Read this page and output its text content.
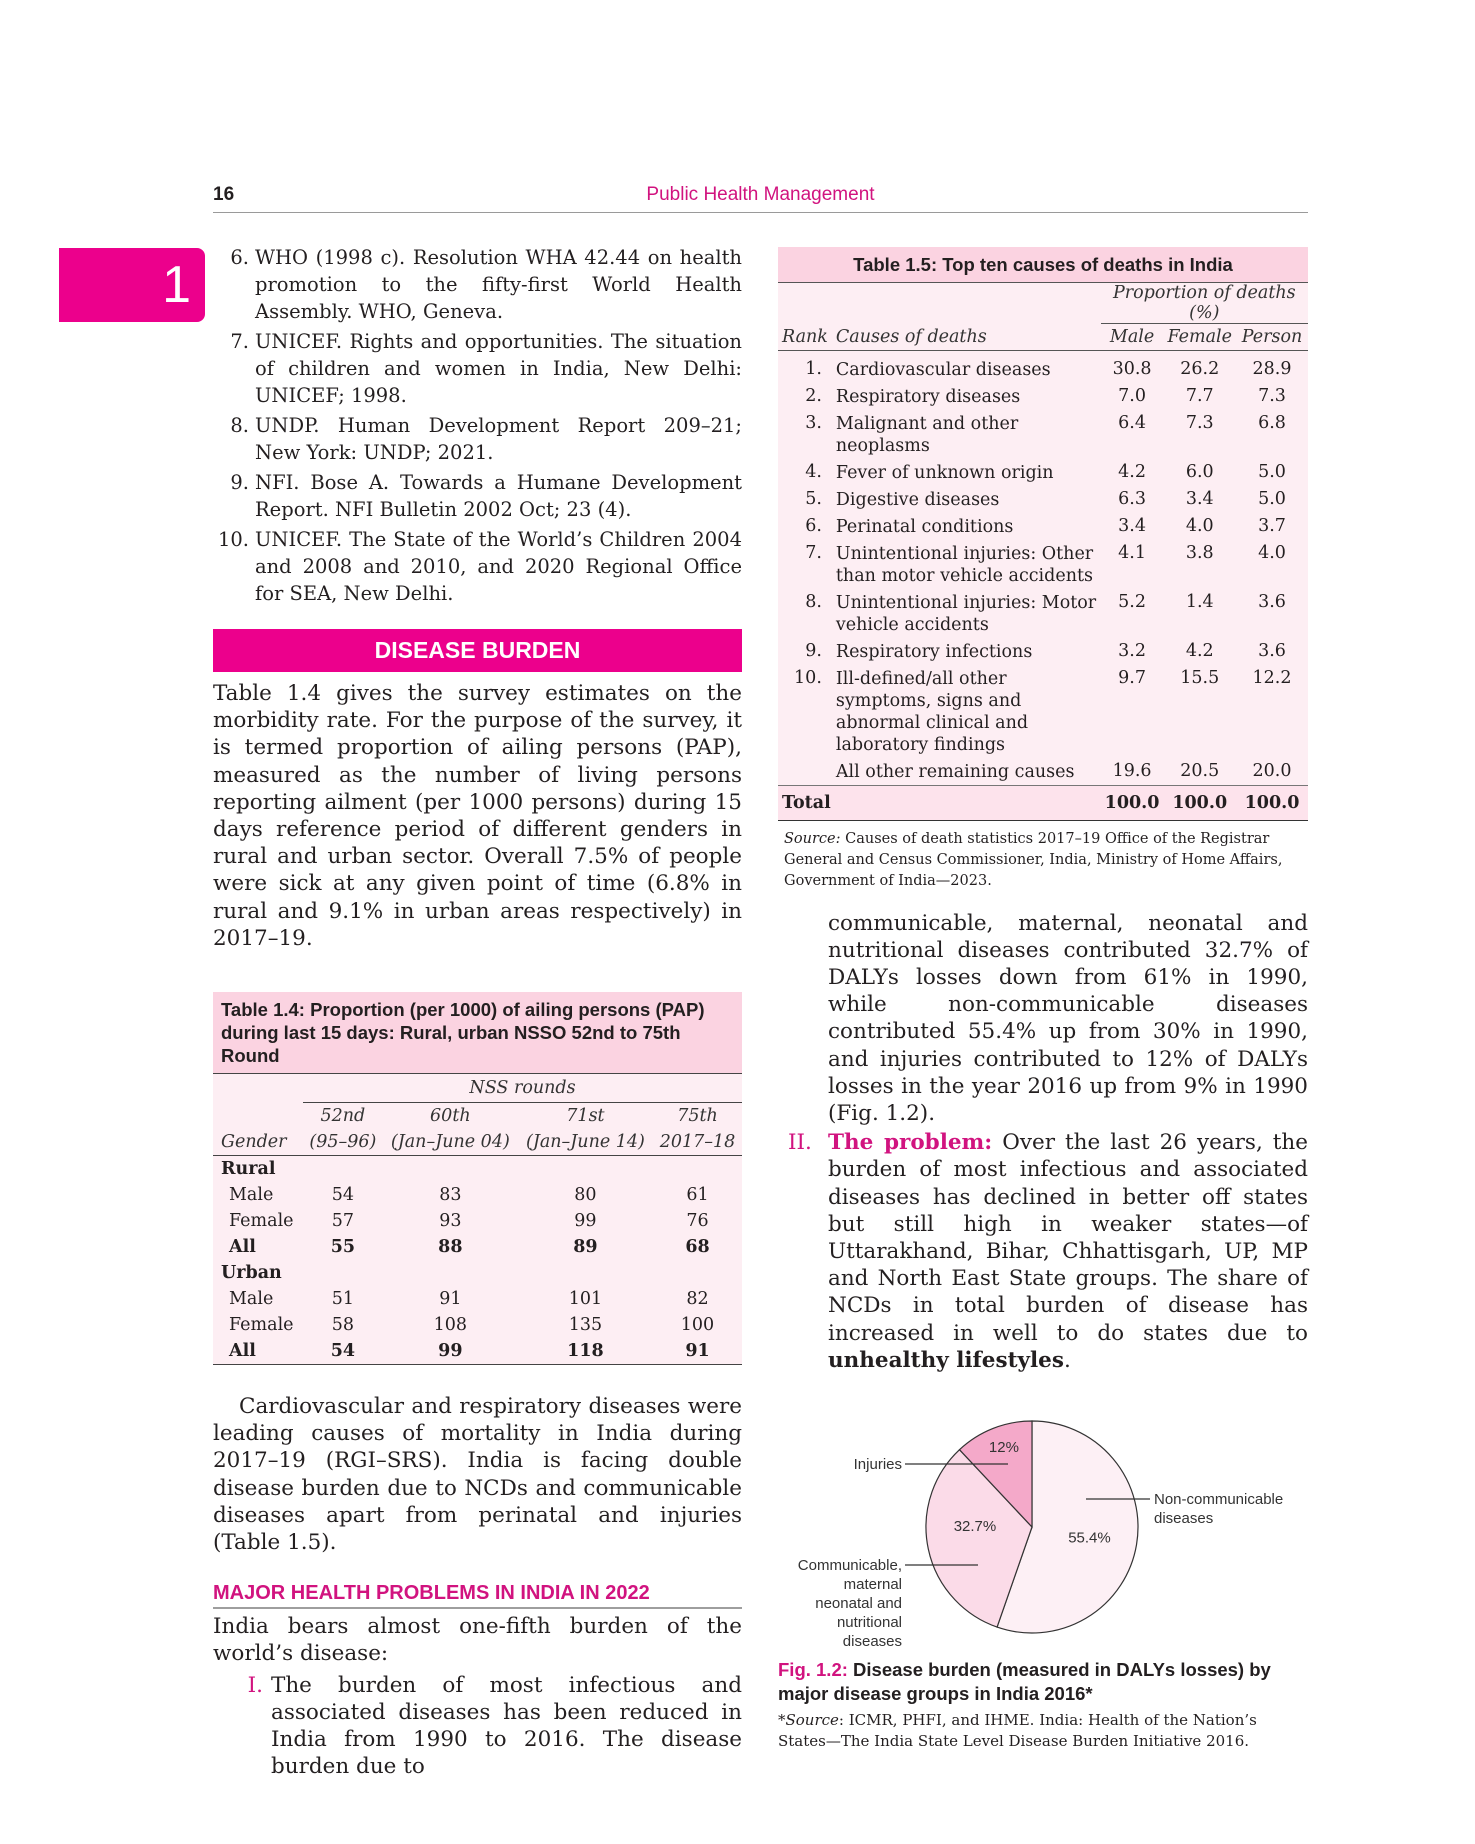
16	Public Health Management
1	6. WHO (1998 c). Resolution WHA 42.44 on health promotion to the fifty-first World Health Assembly. WHO, Geneva.
7. UNICEF. Rights and opportunities. The situation of children and women in India, New Delhi: UNICEF; 1998.
8. UNDP. Human Development Report 209–21; New York: UNDP; 2021.
9. NFI. Bose A. Towards a Humane Development Report. NFI Bulletin 2002 Oct; 23 (4).
10. UNICEF. The State of the World’s Children 2004 and 2008 and 2010, and 2020 Regional Office for SEA, New Delhi.
DISEASE BURDEN
Table 1.4 gives the survey estimates on the morbidity rate. For the purpose of the survey, it is termed proportion of ailing persons (PAP), measured as the number of living persons reporting ailment (per 1000 persons) during 15 days reference period of different genders in rural and urban sector. Overall 7.5% of people were sick at any given point of time (6.8% in rural and 9.1% in urban areas respectively) in 2017–19.
Table 1.4: Proportion (per 1000) of ailing persons (PAP) during last 15 days: Rural, urban NSSO 52nd to 75th Round
	NSS rounds			
	52nd	60th	71st	75th
Gender	(95–96)	(Jan–June 04)	(Jan–June 14)	2017–18
Rural				
Male	54	83	80	61
Female	57	93	99	76
All	55	88	89	68
Urban				
Male	51	91	101	82
Female	58	108	135	100
All	54	99	118	91
Cardiovascular and respiratory diseases were leading causes of mortality in India during 2017–19 (RGI–SRS). India is facing double disease burden due to NCDs and communicable diseases apart from perinatal and injuries (Table 1.5).
MAJOR HEALTH PROBLEMS IN INDIA IN 2022
India bears almost one-fifth burden of the world’s disease:
I. The burden of most infectious and associated diseases has been reduced in India from 1990 to 2016. The disease burden due to
Table 1.5: Top ten causes of deaths in India
		Proportion of deaths (%)		
Rank	Causes of deaths	Male	Female	Person
1.	Cardiovascular diseases	30.8	26.2	28.9
2.	Respiratory diseases	7.0	7.7	7.3
3.	Malignant and other neoplasms	6.4	7.3	6.8
4.	Fever of unknown origin	4.2	6.0	5.0
5.	Digestive diseases	6.3	3.4	5.0
6.	Perinatal conditions	3.4	4.0	3.7
7.	Unintentional injuries: Other than motor vehicle accidents	4.1	3.8	4.0
8.	Unintentional injuries: Motor vehicle accidents	5.2	1.4	3.6
9.	Respiratory infections	3.2	4.2	3.6
10.	Ill-defined/all other symptoms, signs and abnormal clinical and laboratory findings	9.7	15.5	12.2
	All other remaining causes	19.6	20.5	20.0
Total		100.0	100.0	100.0
Source: Causes of death statistics 2017–19 Office of the Registrar General and Census Commissioner, India, Ministry of Home Affairs, Government of India—2023.
communicable, maternal, neonatal and nutritional diseases contributed 32.7% of DALYs losses down from 61% in 1990, while non-communicable diseases contributed 55.4% up from 30% in 1990, and injuries contributed to 12% of DALYs losses in the year 2016 up from 9% in 1990 (Fig. 1.2).
II. The problem: Over the last 26 years, the burden of most infectious and associated diseases has declined in better off states but still high in weaker states—of Uttarakhand, Bihar, Chhattisgarh, UP, MP and North East State groups. The share of NCDs in total burden of disease has increased in well to do states due to unhealthy lifestyles.
55.4%
32.7%
12%
Injuries
Communicable,
maternal
neonatal and
nutritional
diseases
Non-communicable
diseases
Fig. 1.2: Disease burden (measured in DALYs losses) by major disease groups in India 2016*
*Source: ICMR, PHFI, and IHME. India: Health of the Nation’s States—The India State Level Disease Burden Initiative 2016.
